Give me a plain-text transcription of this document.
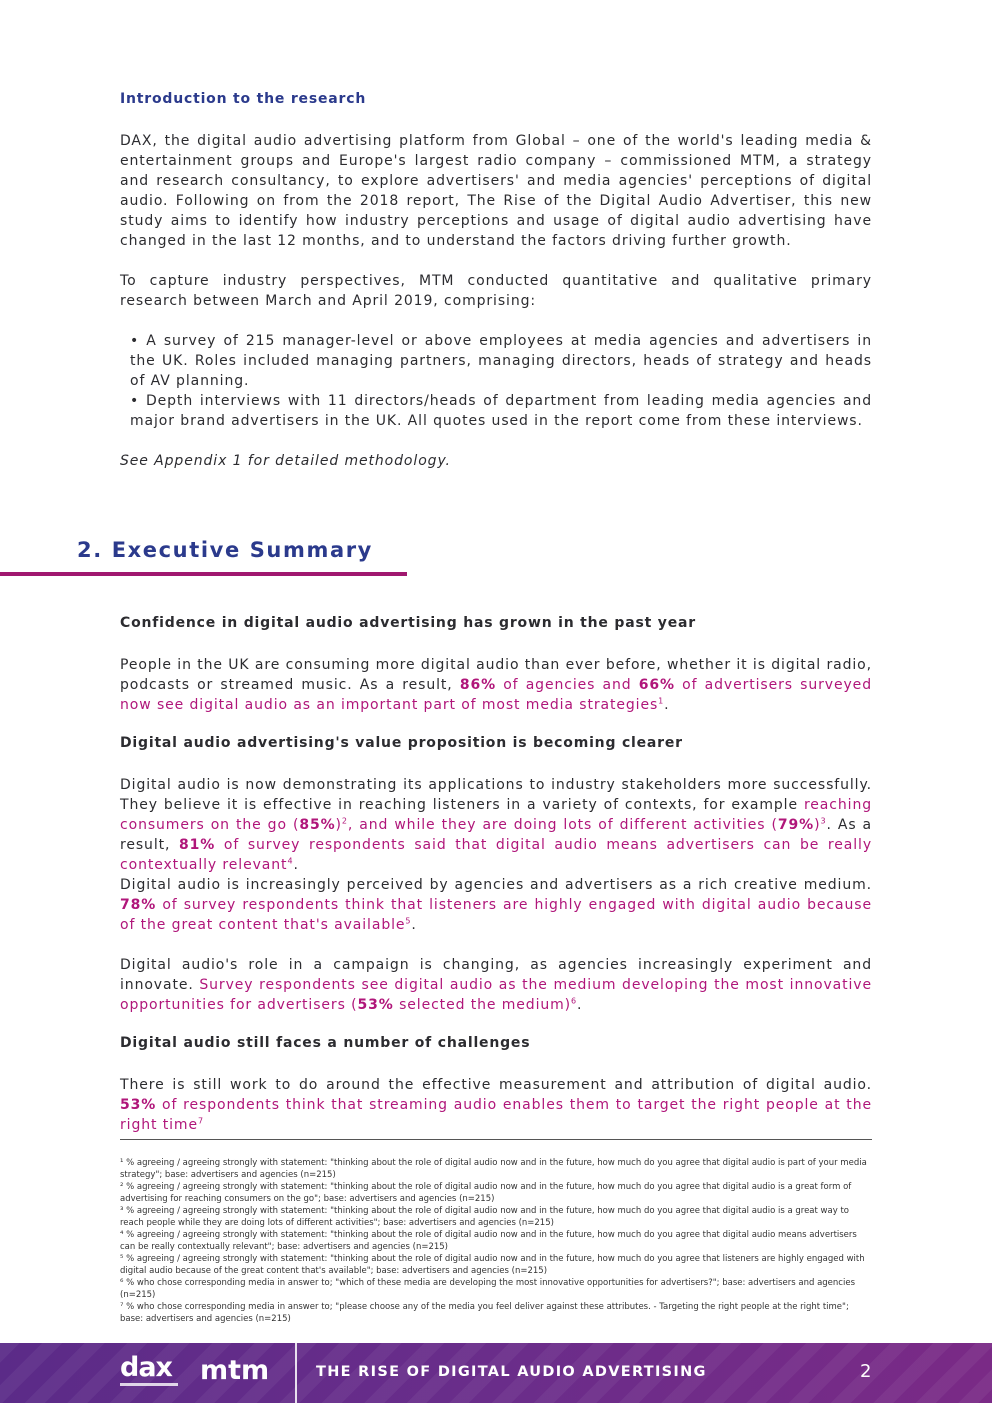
Introduction to the research

DAX, the digital audio advertising platform from Global – one of the world's leading media & entertainment groups and Europe's largest radio company – commissioned MTM, a strategy and research consultancy, to explore advertisers' and media agencies' perceptions of digital audio. Following on from the 2018 report, The Rise of the Digital Audio Advertiser, this new study aims to identify how industry perceptions and usage of digital audio advertising have changed in the last 12 months, and to understand the factors driving further growth.

To capture industry perspectives, MTM conducted quantitative and qualitative primary research between March and April 2019, comprising:

• A survey of 215 manager-level or above employees at media agencies and advertisers in the UK. Roles included managing partners, managing directors, heads of strategy and heads of AV planning.

• Depth interviews with 11 directors/heads of department from leading media agencies and major brand advertisers in the UK. All quotes used in the report come from these interviews.

See Appendix 1 for detailed methodology.

2. Executive Summary
Confidence in digital audio advertising has grown in the past year

People in the UK are consuming more digital audio than ever before, whether it is digital radio, podcasts or streamed music. As a result, 86% of agencies and 66% of advertisers surveyed now see digital audio as an important part of most media strategies$^1$.

Digital audio advertising's value proposition is becoming clearer

Digital audio is now demonstrating its applications to industry stakeholders more successfully. They believe it is effective in reaching listeners in a variety of contexts, for example reaching consumers on the go $(85\%)^2$, and while they are doing lots of different activities $(79\%)^3$. As a result, 81% of survey respondents said that digital audio means advertisers can be really contextually relevant$^4$.

Digital audio is increasingly perceived by agencies and advertisers as a rich creative medium. 78% of survey respondents think that listeners are highly engaged with digital audio because of the great content that's available$^5$.

Digital audio's role in a campaign is changing, as agencies increasingly experiment and innovate. Survey respondents see digital audio as the medium developing the most innovative opportunities for advertisers (53% selected the medium)$^6$.

Digital audio still faces a number of challenges

There is still work to do around the effective measurement and attribution of digital audio. 53% of respondents think that streaming audio enables them to target the right people at the right time$^7$

¹ % agreeing / agreeing strongly with statement: "thinking about the role of digital audio now and in the future, how much do you agree that digital audio is part of your media strategy"; base: advertisers and agencies (n=215)

² % agreeing / agreeing strongly with statement: "thinking about the role of digital audio now and in the future, how much do you agree that digital audio is a great form of advertising for reaching consumers on the go"; base: advertisers and agencies (n=215)

³ % agreeing / agreeing strongly with statement: "thinking about the role of digital audio now and in the future, how much do you agree that digital audio is a great way to reach people while they are doing lots of different activities"; base: advertisers and agencies (n=215)

⁴ % agreeing / agreeing strongly with statement: "thinking about the role of digital audio now and in the future, how much do you agree that digital audio means advertisers can be really contextually relevant"; base: advertisers and agencies (n=215)

⁵ % agreeing / agreeing strongly with statement: "thinking about the role of digital audio now and in the future, how much do you agree that listeners are highly engaged with digital audio because of the great content that's available"; base: advertisers and agencies (n=215)

⁶ % who chose corresponding media in answer to; "which of these media are developing the most innovative opportunities for advertisers?"; base: advertisers and agencies (n=215)

⁷ % who chose corresponding media in answer to; "please choose any of the media you feel deliver against these attributes. - Targeting the right people at the right time"; base: advertisers and agencies (n=215)

dax mtm	THE RISE OF DIGITAL AUDIO ADVERTISING	2
